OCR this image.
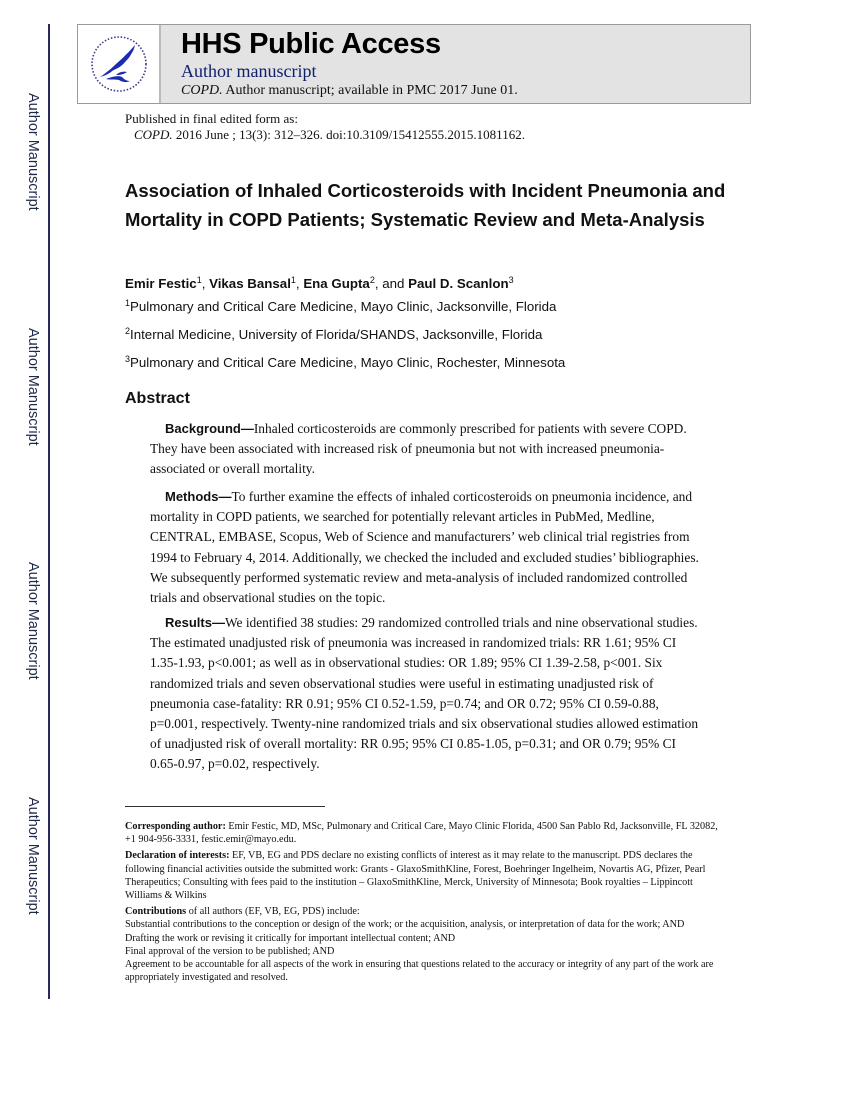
Author Manuscript
Author Manuscript
Author Manuscript
Author Manuscript
HHS Public Access
Author manuscript
COPD. Author manuscript; available in PMC 2017 June 01.
Published in final edited form as:
COPD. 2016 June ; 13(3): 312–326. doi:10.3109/15412555.2015.1081162.
Association of Inhaled Corticosteroids with Incident Pneumonia and Mortality in COPD Patients; Systematic Review and Meta-Analysis
Emir Festic$^1$, Vikas Bansal$^1$, Ena Gupta$^2$, and Paul D. Scanlon$^3$
$^1$Pulmonary and Critical Care Medicine, Mayo Clinic, Jacksonville, Florida
$^2$Internal Medicine, University of Florida/SHANDS, Jacksonville, Florida
$^3$Pulmonary and Critical Care Medicine, Mayo Clinic, Rochester, Minnesota
Abstract
Background—Inhaled corticosteroids are commonly prescribed for patients with severe COPD. They have been associated with increased risk of pneumonia but not with increased pneumonia-associated or overall mortality.
Methods—To further examine the effects of inhaled corticosteroids on pneumonia incidence, and mortality in COPD patients, we searched for potentially relevant articles in PubMed, Medline, CENTRAL, EMBASE, Scopus, Web of Science and manufacturers’ web clinical trial registries from 1994 to February 4, 2014. Additionally, we checked the included and excluded studies’ bibliographies. We subsequently performed systematic review and meta-analysis of included randomized controlled trials and observational studies on the topic.
Results—We identified 38 studies: 29 randomized controlled trials and nine observational studies. The estimated unadjusted risk of pneumonia was increased in randomized trials: RR 1.61; 95% CI 1.35-1.93, p<0.001; as well as in observational studies: OR 1.89; 95% CI 1.39-2.58, p<001. Six randomized trials and seven observational studies were useful in estimating unadjusted risk of pneumonia case-fatality: RR 0.91; 95% CI 0.52-1.59, p=0.74; and OR 0.72; 95% CI 0.59-0.88, p=0.001, respectively. Twenty-nine randomized trials and six observational studies allowed estimation of unadjusted risk of overall mortality: RR 0.95; 95% CI 0.85-1.05, p=0.31; and OR 0.79; 95% CI 0.65-0.97, p=0.02, respectively.

Corresponding author: Emir Festic, MD, MSc, Pulmonary and Critical Care, Mayo Clinic Florida, 4500 San Pablo Rd, Jacksonville, FL 32082, +1 904-956-3331, festic.emir@mayo.edu.

Declaration of interests: EF, VB, EG and PDS declare no existing conflicts of interest as it may relate to the manuscript. PDS declares the following financial activities outside the submitted work: Grants - GlaxoSmithKline, Forest, Boehringer Ingelheim, Novartis AG, Pfizer, Pearl Therapeutics; Consulting with fees paid to the institution – GlaxoSmithKline, Merck, University of Minnesota; Book royalties – Lippincott Williams & Wilkins

Contributions of all authors (EF, VB, EG, PDS) include:
Substantial contributions to the conception or design of the work; or the acquisition, analysis, or interpretation of data for the work; AND
Drafting the work or revising it critically for important intellectual content; AND
Final approval of the version to be published; AND
Agreement to be accountable for all aspects of the work in ensuring that questions related to the accuracy or integrity of any part of the work are appropriately investigated and resolved.
